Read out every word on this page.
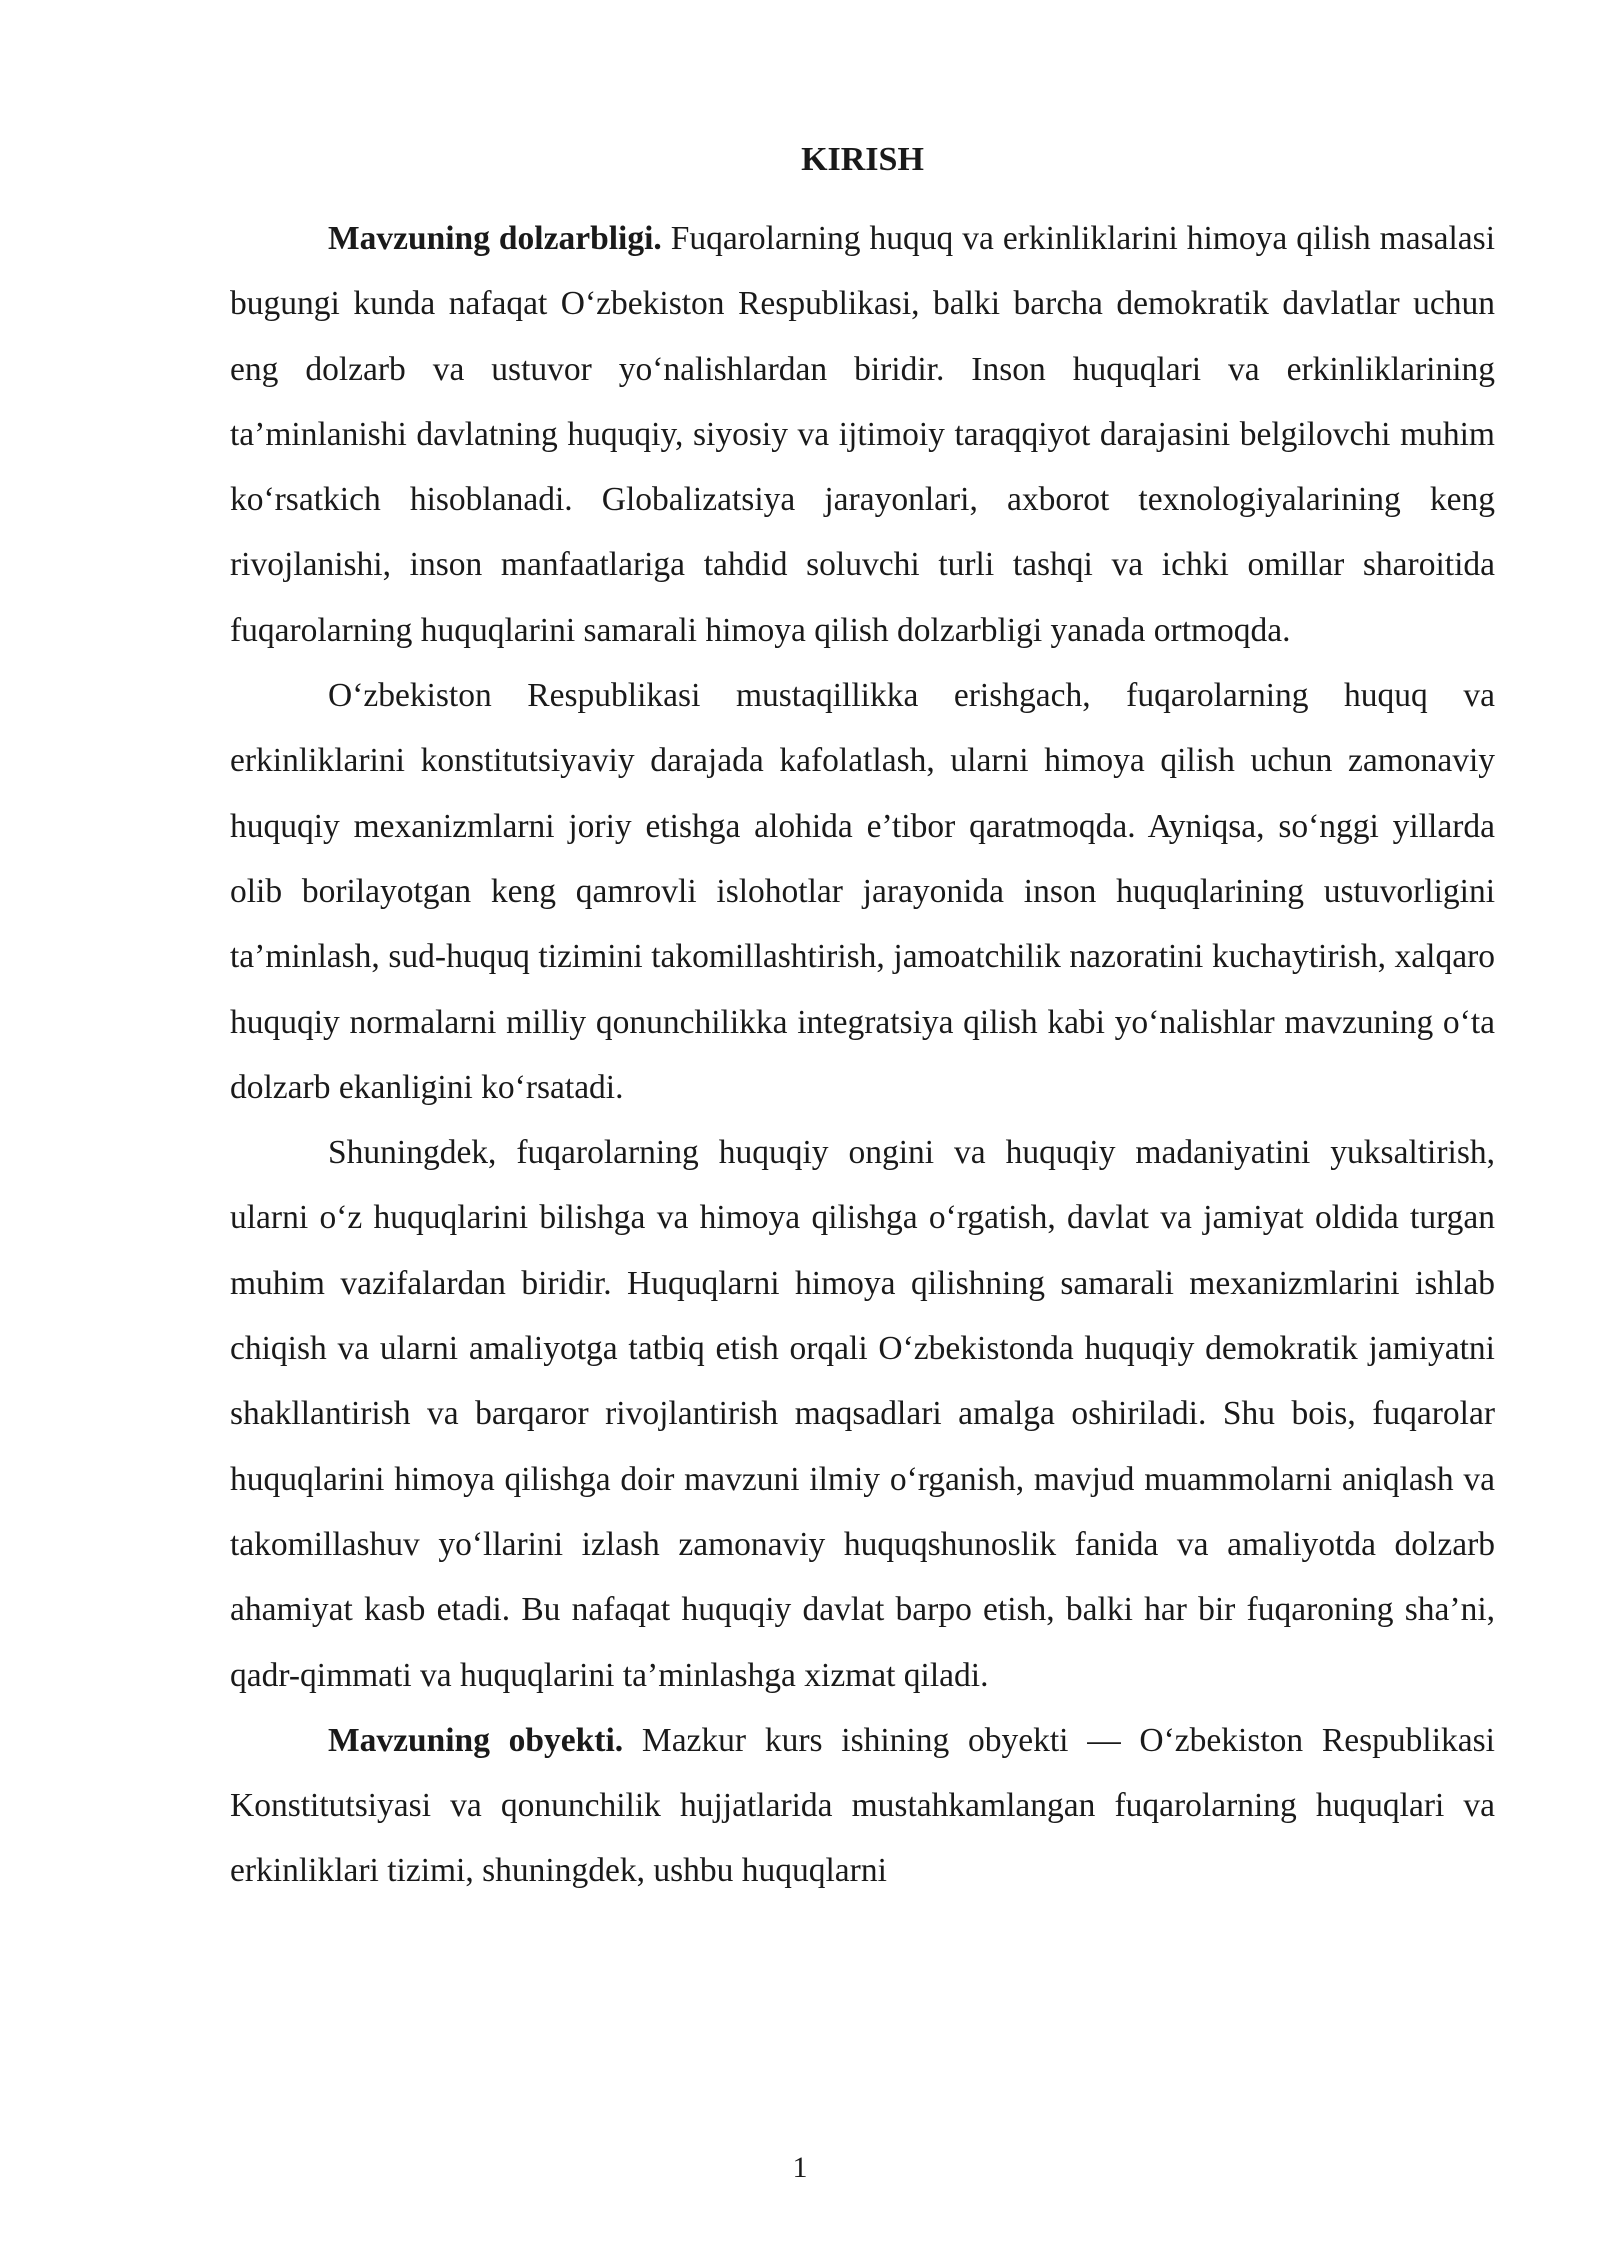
KIRISH

Mavzuning dolzarbligi. Fuqarolarning huquq va erkinliklarini himoya qilish masalasi bugungi kunda nafaqat O‘zbekiston Respublikasi, balki barcha demokratik davlatlar uchun eng dolzarb va ustuvor yo‘nalishlardan biridir. Inson huquqlari va erkinliklarining ta’minlanishi davlatning huquqiy, siyosiy va ijtimoiy taraqqiyot darajasini belgilovchi muhim ko‘rsatkich hisoblanadi. Globalizatsiya jarayonlari, axborot texnologiyalarining keng rivojlanishi, inson manfaatlariga tahdid soluvchi turli tashqi va ichki omillar sharoitida fuqarolarning huquqlarini samarali himoya qilish dolzarbligi yanada ortmoqda.

O‘zbekiston Respublikasi mustaqillikka erishgach, fuqarolarning huquq va erkinliklarini konstitutsiyaviy darajada kafolatlash, ularni himoya qilish uchun zamonaviy huquqiy mexanizmlarni joriy etishga alohida e’tibor qaratmoqda. Ayniqsa, so‘nggi yillarda olib borilayotgan keng qamrovli islohotlar jarayonida inson huquqlarining ustuvorligini ta’minlash, sud-huquq tizimini takomillashtirish, jamoatchilik nazoratini kuchaytirish, xalqaro huquqiy normalarni milliy qonunchilikka integratsiya qilish kabi yo‘nalishlar mavzuning o‘ta dolzarb ekanligini ko‘rsatadi.

Shuningdek, fuqarolarning huquqiy ongini va huquqiy madaniyatini yuksaltirish, ularni o‘z huquqlarini bilishga va himoya qilishga o‘rgatish, davlat va jamiyat oldida turgan muhim vazifalardan biridir. Huquqlarni himoya qilishning samarali mexanizmlarini ishlab chiqish va ularni amaliyotga tatbiq etish orqali O‘zbekistonda huquqiy demokratik jamiyatni shakllantirish va barqaror rivojlantirish maqsadlari amalga oshiriladi. Shu bois, fuqarolar huquqlarini himoya qilishga doir mavzuni ilmiy o‘rganish, mavjud muammolarni aniqlash va takomillashuv yo‘llarini izlash zamonaviy huquqshunoslik fanida va amaliyotda dolzarb ahamiyat kasb etadi. Bu nafaqat huquqiy davlat barpo etish, balki har bir fuqaroning sha’ni, qadr-qimmati va huquqlarini ta’minlashga xizmat qiladi.

Mavzuning obyekti. Mazkur kurs ishining obyekti — O‘zbekiston Respublikasi Konstitutsiyasi va qonunchilik hujjatlarida mustahkamlangan fuqarolarning huquqlari va erkinliklari tizimi, shuningdek, ushbu huquqlarni

1
